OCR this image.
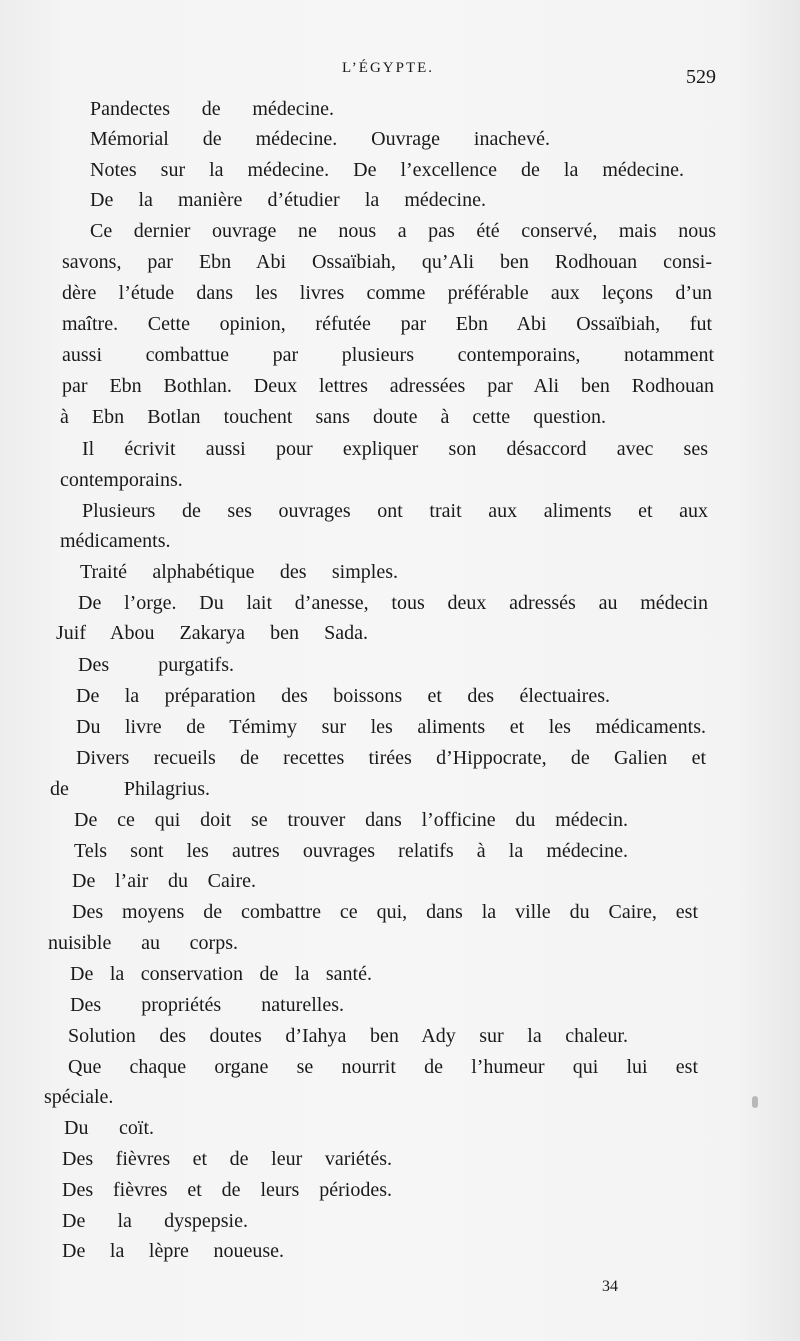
L’ÉGYPTE.	529
Pandectes de médecine.
Mémorial de médecine. Ouvrage inachevé.
Notes sur la médecine. De l’excellence de la médecine.
De la manière d’étudier la médecine.
Ce dernier ouvrage ne nous a pas été conservé, mais nous
savons, par Ebn Abi Ossaïbiah, qu’Ali ben Rodhouan consi-
dère l’étude dans les livres comme préférable aux leçons d’un
maître. Cette opinion, réfutée par Ebn Abi Ossaïbiah, fut
aussi combattue par plusieurs contemporains, notamment
par Ebn Bothlan. Deux lettres adressées par Ali ben Rodhouan
à Ebn Botlan touchent sans doute à cette question.
Il écrivit aussi pour expliquer son désaccord avec ses
contemporains.
Plusieurs de ses ouvrages ont trait aux aliments et aux
médicaments.
Traité alphabétique des simples.
De l’orge. Du lait d’anesse, tous deux adressés au médecin
Juif Abou Zakarya ben Sada.
Des purgatifs.
De la préparation des boissons et des électuaires.
Du livre de Témimy sur les aliments et les médicaments.
Divers recueils de recettes tirées d’Hippocrate, de Galien et
de Philagrius.
De ce qui doit se trouver dans l’officine du médecin.
Tels sont les autres ouvrages relatifs à la médecine.
De l’air du Caire.
Des moyens de combattre ce qui, dans la ville du Caire, est
nuisible au corps.
De la conservation de la santé.
Des propriétés naturelles.
Solution des doutes d’Iahya ben Ady sur la chaleur.
Que chaque organe se nourrit de l’humeur qui lui est
spéciale.
Du coït.
Des fièvres et de leur variétés.
Des fièvres et de leurs périodes.
De la dyspepsie.
De la lèpre noueuse.
34
